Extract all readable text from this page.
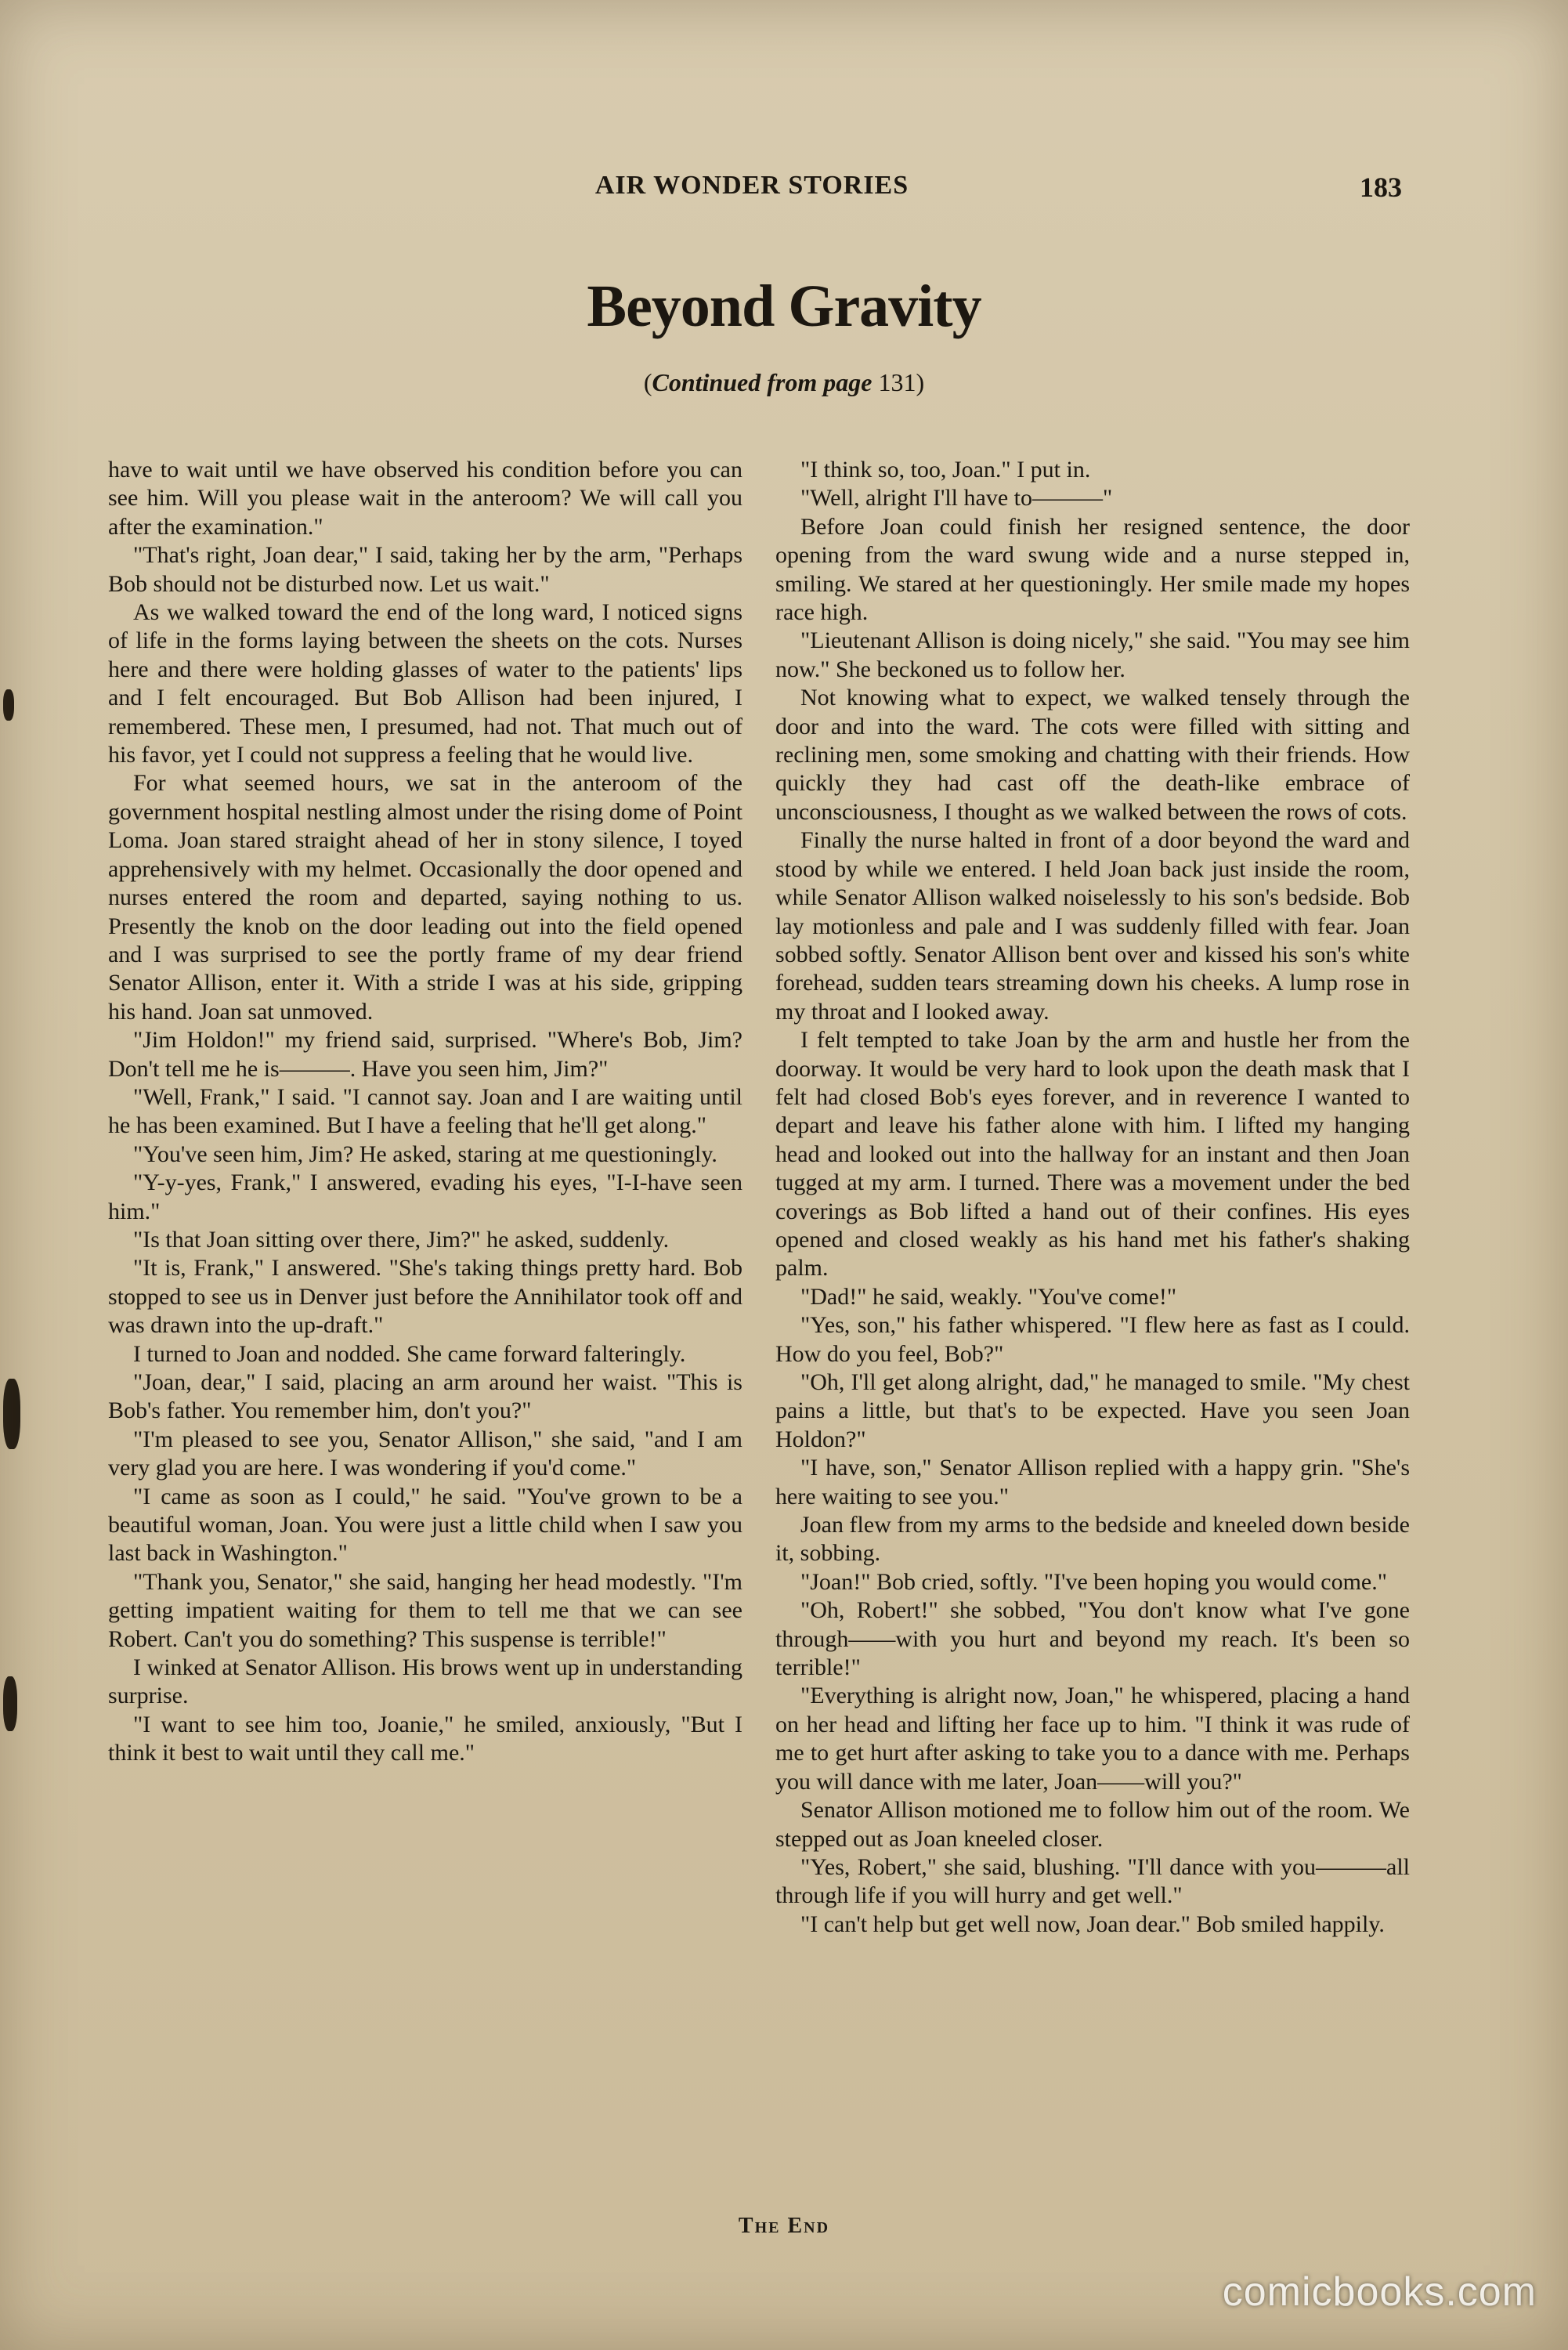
AIR WONDER STORIES	183
Beyond Gravity
(Continued from page 131)

have to wait until we have observed his condition before you can see him. Will you please wait in the anteroom? We will call you after the examination."

"That's right, Joan dear," I said, taking her by the arm, "Perhaps Bob should not be disturbed now. Let us wait."

As we walked toward the end of the long ward, I noticed signs of life in the forms laying between the sheets on the cots. Nurses here and there were holding glasses of water to the patients' lips and I felt encouraged. But Bob Allison had been injured, I remembered. These men, I presumed, had not. That much out of his favor, yet I could not suppress a feeling that he would live.

For what seemed hours, we sat in the anteroom of the government hospital nestling almost under the rising dome of Point Loma. Joan stared straight ahead of her in stony silence, I toyed apprehensively with my helmet. Occasionally the door opened and nurses entered the room and departed, saying nothing to us. Presently the knob on the door leading out into the field opened and I was surprised to see the portly frame of my dear friend Senator Allison, enter it. With a stride I was at his side, gripping his hand. Joan sat unmoved.

"Jim Holdon!" my friend said, surprised. "Where's Bob, Jim? Don't tell me he is———. Have you seen him, Jim?"

"Well, Frank," I said. "I cannot say. Joan and I are waiting until he has been examined. But I have a feeling that he'll get along."

"You've seen him, Jim? He asked, staring at me questioningly.

"Y-y-yes, Frank," I answered, evading his eyes, "I-I-have seen him."

"Is that Joan sitting over there, Jim?" he asked, suddenly.

"It is, Frank," I answered. "She's taking things pretty hard. Bob stopped to see us in Denver just before the Annihilator took off and was drawn into the up-draft."

I turned to Joan and nodded. She came forward falteringly.

"Joan, dear," I said, placing an arm around her waist. "This is Bob's father. You remember him, don't you?"

"I'm pleased to see you, Senator Allison," she said, "and I am very glad you are here. I was wondering if you'd come."

"I came as soon as I could," he said. "You've grown to be a beautiful woman, Joan. You were just a little child when I saw you last back in Washington."

"Thank you, Senator," she said, hanging her head modestly. "I'm getting impatient waiting for them to tell me that we can see Robert. Can't you do something? This suspense is terrible!"

I winked at Senator Allison. His brows went up in understanding surprise.

"I want to see him too, Joanie," he smiled, anxiously, "But I think it best to wait until they call me."

"I think so, too, Joan." I put in.

"Well, alright I'll have to———"

Before Joan could finish her resigned sentence, the door opening from the ward swung wide and a nurse stepped in, smiling. We stared at her questioningly. Her smile made my hopes race high.

"Lieutenant Allison is doing nicely," she said. "You may see him now." She beckoned us to follow her.

Not knowing what to expect, we walked tensely through the door and into the ward. The cots were filled with sitting and reclining men, some smoking and chatting with their friends. How quickly they had cast off the death-like embrace of unconsciousness, I thought as we walked between the rows of cots.

Finally the nurse halted in front of a door beyond the ward and stood by while we entered. I held Joan back just inside the room, while Senator Allison walked noiselessly to his son's bedside. Bob lay motionless and pale and I was suddenly filled with fear. Joan sobbed softly. Senator Allison bent over and kissed his son's white forehead, sudden tears streaming down his cheeks. A lump rose in my throat and I looked away.

I felt tempted to take Joan by the arm and hustle her from the doorway. It would be very hard to look upon the death mask that I felt had closed Bob's eyes forever, and in reverence I wanted to depart and leave his father alone with him. I lifted my hanging head and looked out into the hallway for an instant and then Joan tugged at my arm. I turned. There was a movement under the bed coverings as Bob lifted a hand out of their confines. His eyes opened and closed weakly as his hand met his father's shaking palm.

"Dad!" he said, weakly. "You've come!"

"Yes, son," his father whispered. "I flew here as fast as I could. How do you feel, Bob?"

"Oh, I'll get along alright, dad," he managed to smile. "My chest pains a little, but that's to be expected. Have you seen Joan Holdon?"

"I have, son," Senator Allison replied with a happy grin. "She's here waiting to see you."

Joan flew from my arms to the bedside and kneeled down beside it, sobbing.

"Joan!" Bob cried, softly. "I've been hoping you would come."

"Oh, Robert!" she sobbed, "You don't know what I've gone through——with you hurt and beyond my reach. It's been so terrible!"

"Everything is alright now, Joan," he whispered, placing a hand on her head and lifting her face up to him. "I think it was rude of me to get hurt after asking to take you to a dance with me. Perhaps you will dance with me later, Joan——will you?"

Senator Allison motioned me to follow him out of the room. We stepped out as Joan kneeled closer.

"Yes, Robert," she said, blushing. "I'll dance with you———all through life if you will hurry and get well."

"I can't help but get well now, Joan dear." Bob smiled happily.

The End
comicbooks.com
